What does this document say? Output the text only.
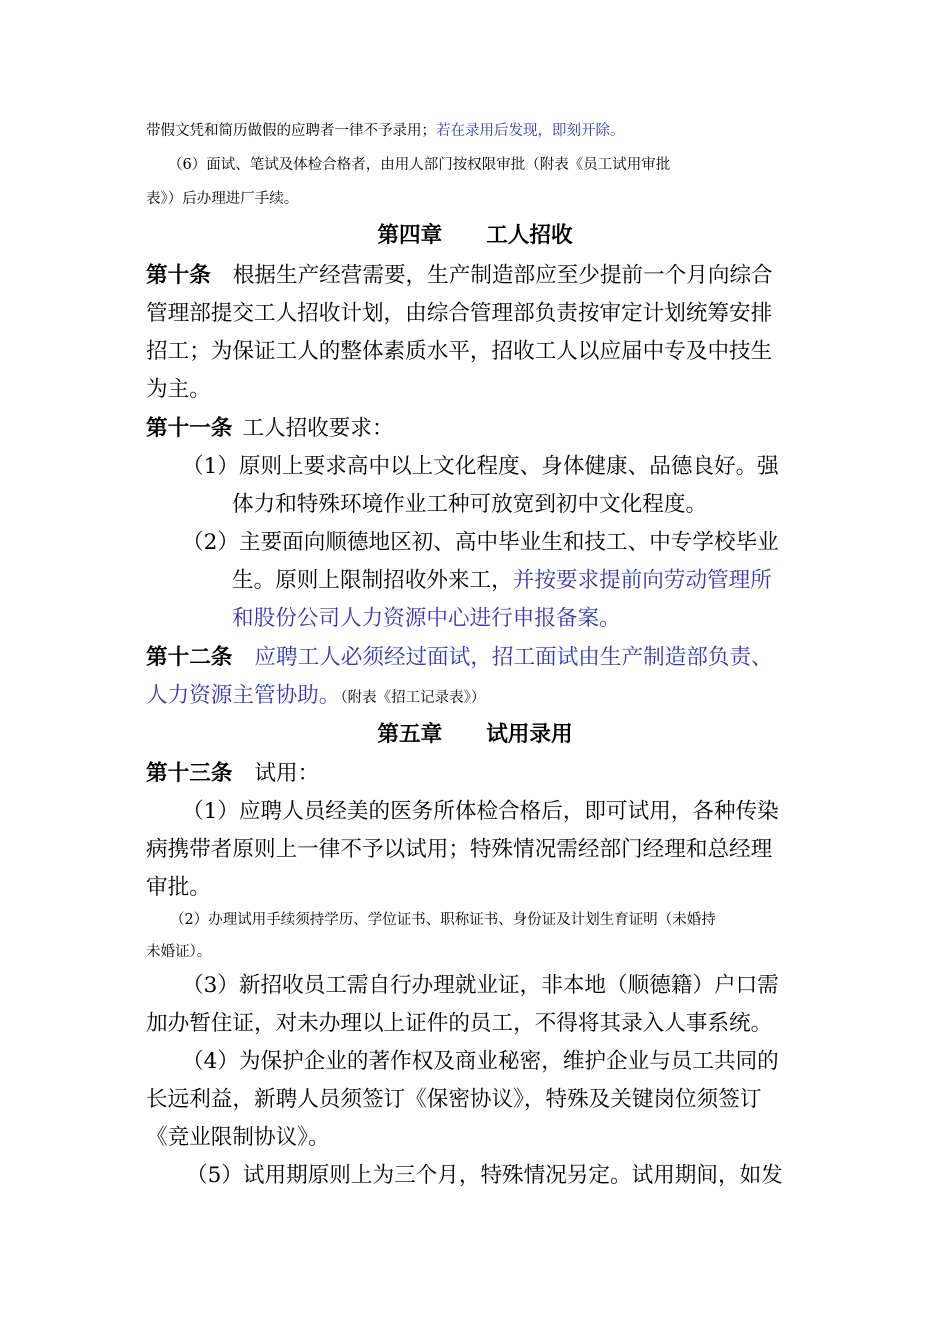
带假文凭和简历做假的应聘者一律不予录用；若在录用后发现，即刻开除。
（6）面试、笔试及体检合格者，由用人部门按权限审批（附表《员工试用审批
表》）后办理进厂手续。
第四章 工人招收
第十条 根据生产经营需要，生产制造部应至少提前一个月向综合
管理部提交工人招收计划，由综合管理部负责按审定计划统筹安排
招工；为保证工人的整体素质水平，招收工人以应届中专及中技生
为主。
第十一条 工人招收要求：
（1）原则上要求高中以上文化程度、身体健康、品德良好。强
体力和特殊环境作业工种可放宽到初中文化程度。
（2）主要面向顺德地区初、高中毕业生和技工、中专学校毕业
生。原则上限制招收外来工，并按要求提前向劳动管理所
和股份公司人力资源中心进行申报备案。
第十二条 应聘工人必须经过面试，招工面试由生产制造部负责、
人力资源主管协助。（附表《招工记录表》）
第五章 试用录用
第十三条 试用：
（1）应聘人员经美的医务所体检合格后，即可试用，各种传染
病携带者原则上一律不予以试用；特殊情况需经部门经理和总经理
审批。
（2）办理试用手续须持学历、学位证书、职称证书、身份证及计划生育证明（未婚持
未婚证）。
（3）新招收员工需自行办理就业证，非本地（顺德籍）户口需
加办暂住证，对未办理以上证件的员工，不得将其录入人事系统。
（4）为保护企业的著作权及商业秘密，维护企业与员工共同的
长远利益，新聘人员须签订《保密协议》，特殊及关键岗位须签订
《竞业限制协议》。
（5）试用期原则上为三个月，特殊情况另定。试用期间，如发
